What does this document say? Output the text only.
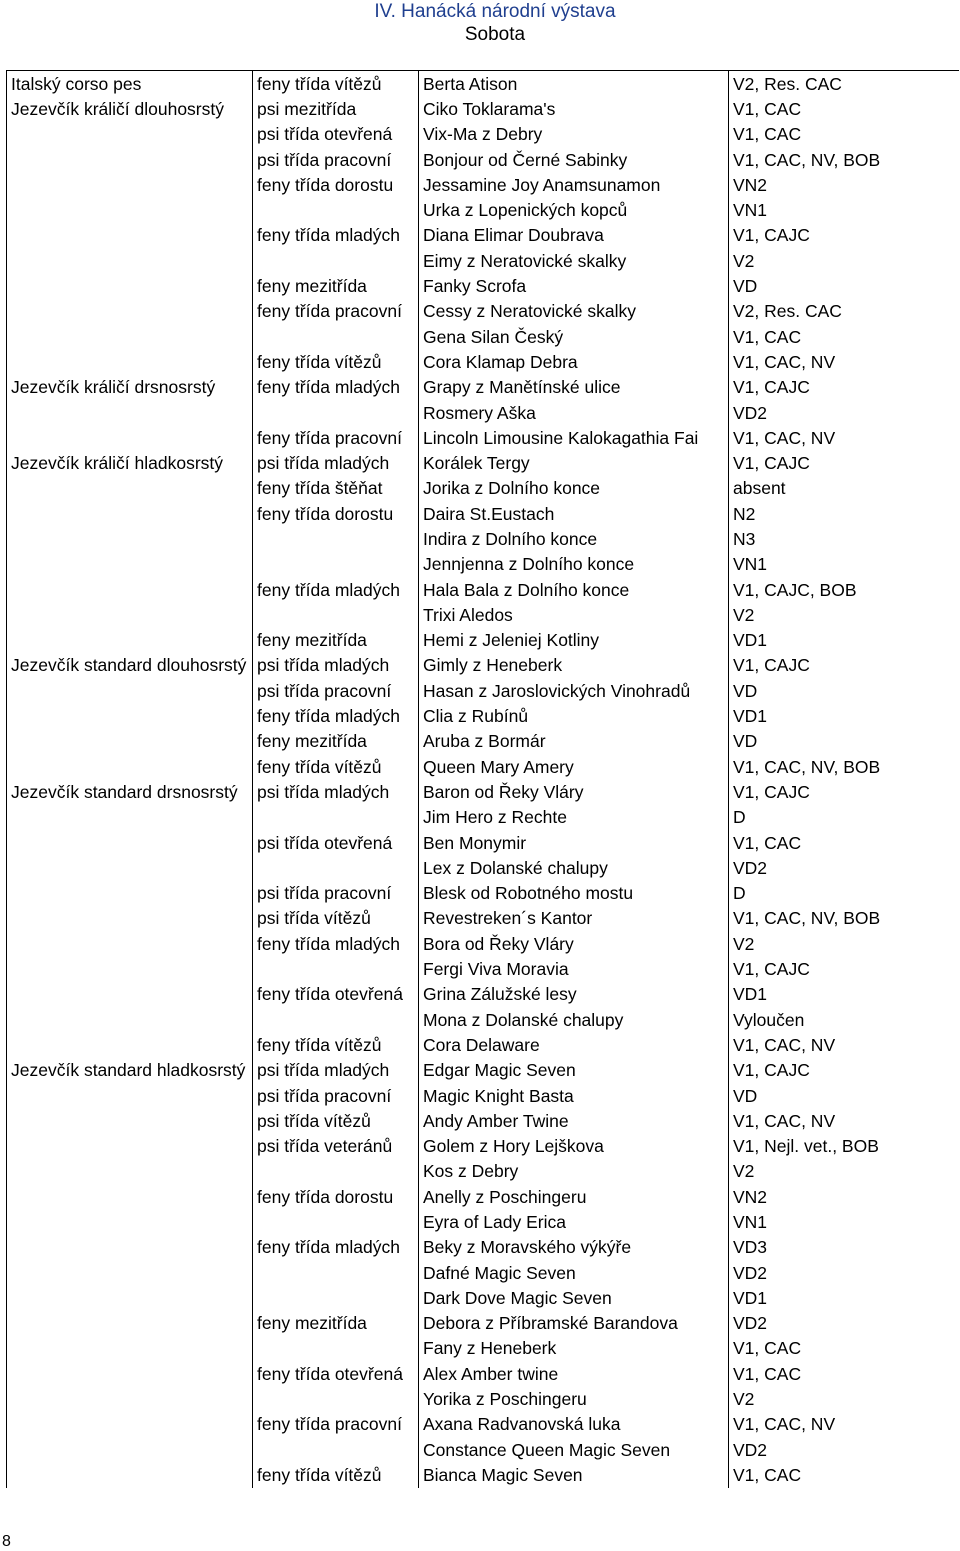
IV. Hanácká národní výstava
Sobota
Italský corso pes	feny třída vítězů	Berta Atison	V2, Res. CAC
Jezevčík králičí dlouhosrstý	psi mezitřída	Ciko Toklarama's	V1, CAC
	psi třída otevřená	Vix-Ma z Debry	V1, CAC
	psi třída pracovní	Bonjour od Černé Sabinky	V1, CAC, NV, BOB
	feny třída dorostu	Jessamine Joy Anamsunamon	VN2
		Urka z Lopenických kopců	VN1
	feny třída mladých	Diana Elimar Doubrava	V1, CAJC
		Eimy z Neratovické skalky	V2
	feny mezitřída	Fanky Scrofa	VD
	feny třída pracovní	Cessy z Neratovické skalky	V2, Res. CAC
		Gena Silan Český	V1, CAC
	feny třída vítězů	Cora Klamap Debra	V1, CAC, NV
Jezevčík králičí drsnosrstý	feny třída mladých	Grapy z Manětínské ulice	V1, CAJC
		Rosmery Aška	VD2
	feny třída pracovní	Lincoln Limousine Kalokagathia Fai	V1, CAC, NV
Jezevčík králičí hladkosrstý	psi třída mladých	Korálek Tergy	V1, CAJC
	feny třída štěňat	Jorika z Dolního konce	absent
	feny třída dorostu	Daira St.Eustach	N2
		Indira z Dolního konce	N3
		Jennjenna z Dolního konce	VN1
	feny třída mladých	Hala Bala z Dolního konce	V1, CAJC, BOB
		Trixi Aledos	V2
	feny mezitřída	Hemi z Jeleniej Kotliny	VD1
Jezevčík standard dlouhosrstý	psi třída mladých	Gimly z Heneberk	V1, CAJC
	psi třída pracovní	Hasan z Jaroslovických Vinohradů	VD
	feny třída mladých	Clia z Rubínů	VD1
	feny mezitřída	Aruba z Bormár	VD
	feny třída vítězů	Queen Mary Amery	V1, CAC, NV, BOB
Jezevčík standard drsnosrstý	psi třída mladých	Baron od Řeky Vláry	V1, CAJC
		Jim Hero z Rechte	D
	psi třída otevřená	Ben Monymir	V1, CAC
		Lex z Dolanské chalupy	VD2
	psi třída pracovní	Blesk od Robotného mostu	D
	psi třída vítězů	Revestreken´s Kantor	V1, CAC, NV, BOB
	feny třída mladých	Bora od Řeky Vláry	V2
		Fergi Viva Moravia	V1, CAJC
	feny třída otevřená	Grina Zálužské lesy	VD1
		Mona z Dolanské chalupy	Vyloučen
	feny třída vítězů	Cora Delaware	V1, CAC, NV
Jezevčík standard hladkosrstý	psi třída mladých	Edgar Magic Seven	V1, CAJC
	psi třída pracovní	Magic Knight Basta	VD
	psi třída vítězů	Andy Amber Twine	V1, CAC, NV
	psi třída veteránů	Golem z Hory Lejškova	V1, Nejl. vet., BOB
		Kos z Debry	V2
	feny třída dorostu	Anelly z Poschingeru	VN2
		Eyra of Lady Erica	VN1
	feny třída mladých	Beky z Moravského výkýře	VD3
		Dafné Magic Seven	VD2
		Dark Dove Magic Seven	VD1
	feny mezitřída	Debora z Příbramské Barandova	VD2
		Fany z Heneberk	V1, CAC
	feny třída otevřená	Alex Amber twine	V1, CAC
		Yorika z Poschingeru	V2
	feny třída pracovní	Axana Radvanovská luka	V1, CAC, NV
		Constance Queen Magic Seven	VD2
	feny třída vítězů	Bianca Magic Seven	V1, CAC
8
